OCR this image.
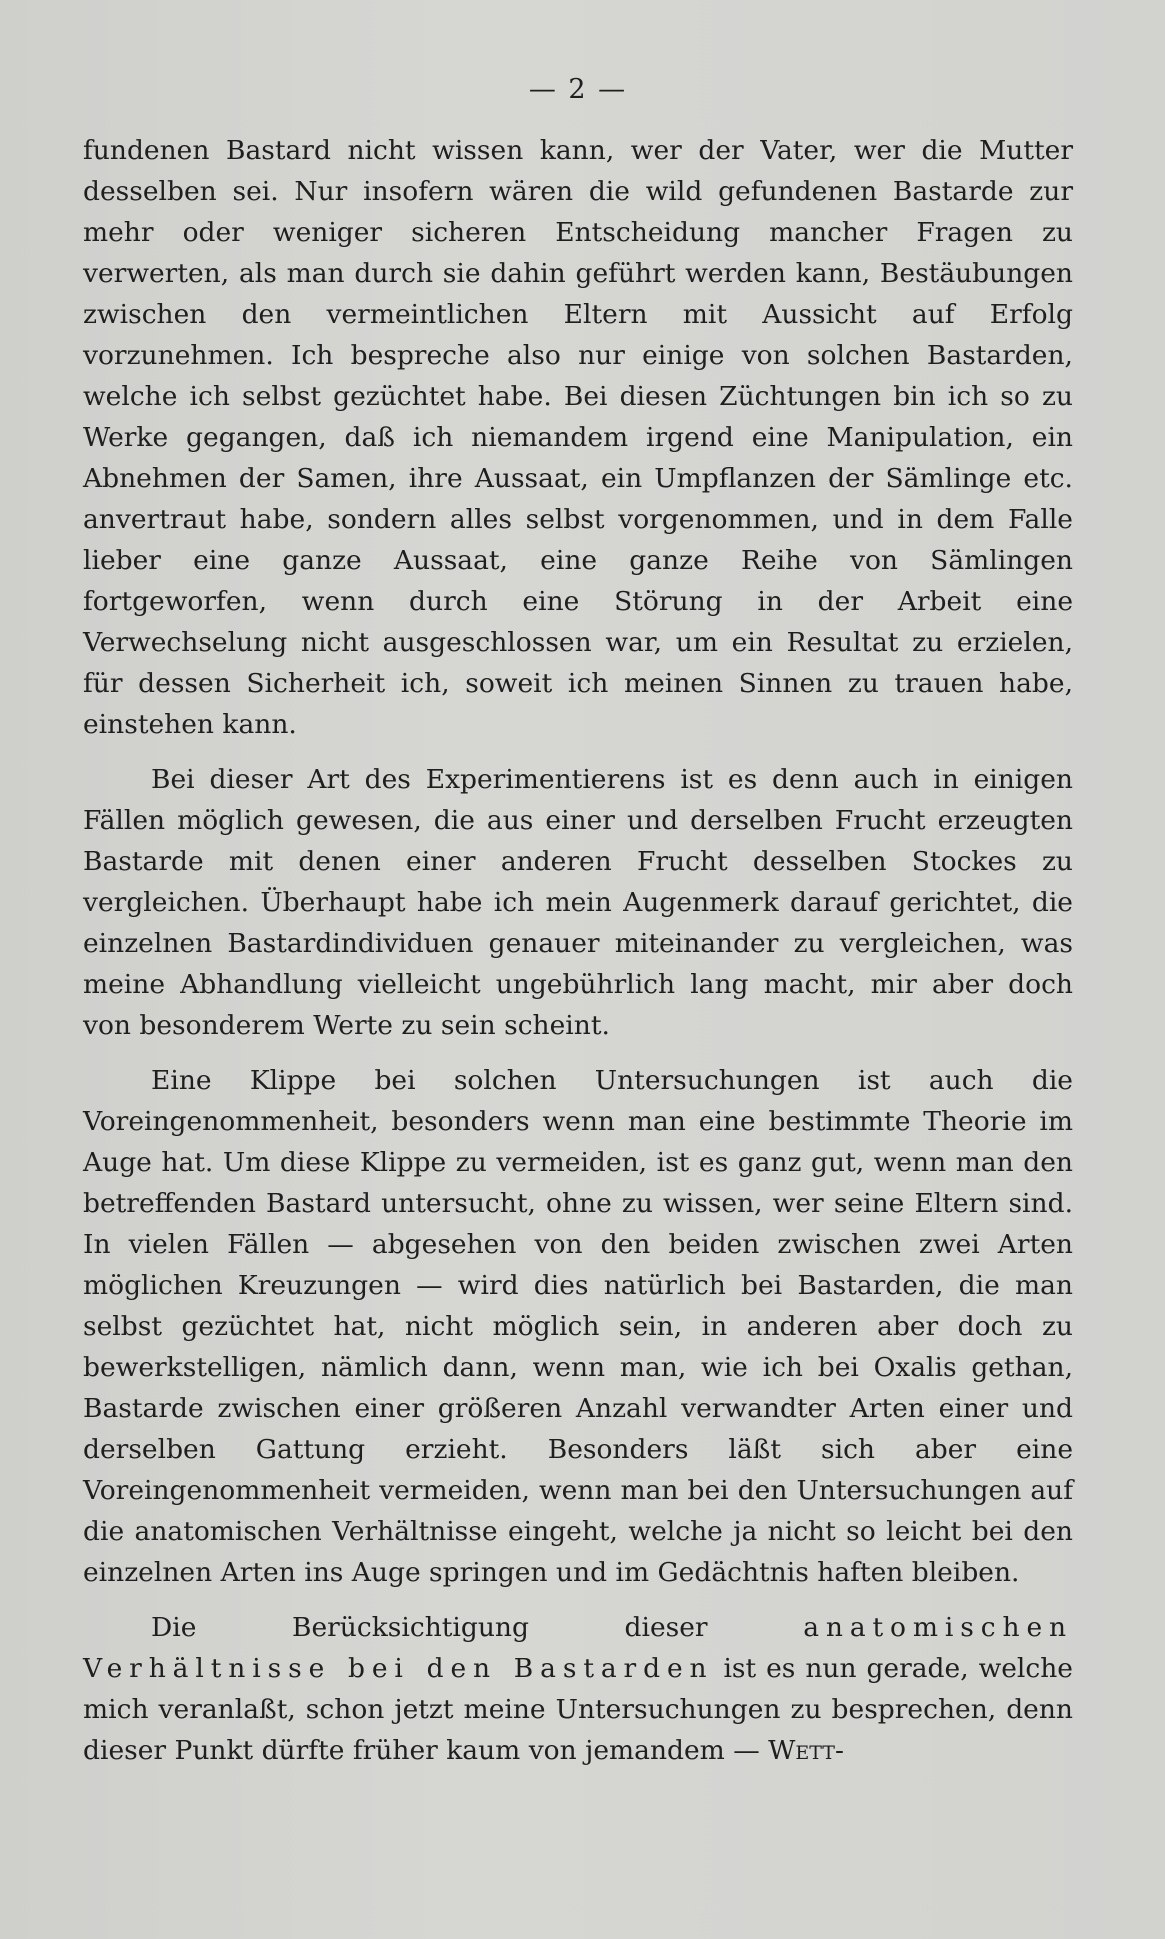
— 2 —

fundenen Bastard nicht wissen kann, wer der Vater, wer die Mutter desselben sei. Nur insofern wären die wild gefundenen Bastarde zur mehr oder weniger sicheren Entscheidung mancher Fragen zu verwerten, als man durch sie dahin geführt werden kann, Bestäubungen zwischen den vermeintlichen Eltern mit Aussicht auf Erfolg vorzunehmen. Ich bespreche also nur einige von solchen Bastarden, welche ich selbst gezüchtet habe. Bei diesen Züchtungen bin ich so zu Werke gegangen, daß ich niemandem irgend eine Manipulation, ein Abnehmen der Samen, ihre Aussaat, ein Umpflanzen der Sämlinge etc. anvertraut habe, sondern alles selbst vorgenommen, und in dem Falle lieber eine ganze Aussaat, eine ganze Reihe von Sämlingen fortgeworfen, wenn durch eine Störung in der Arbeit eine Verwechselung nicht ausgeschlossen war, um ein Resultat zu erzielen, für dessen Sicherheit ich, soweit ich meinen Sinnen zu trauen habe, einstehen kann.

Bei dieser Art des Experimentierens ist es denn auch in einigen Fällen möglich gewesen, die aus einer und derselben Frucht erzeugten Bastarde mit denen einer anderen Frucht desselben Stockes zu vergleichen. Überhaupt habe ich mein Augenmerk darauf gerichtet, die einzelnen Bastardindividuen genauer miteinander zu vergleichen, was meine Abhandlung vielleicht ungebührlich lang macht, mir aber doch von besonderem Werte zu sein scheint.

Eine Klippe bei solchen Untersuchungen ist auch die Voreingenommenheit, besonders wenn man eine bestimmte Theorie im Auge hat. Um diese Klippe zu vermeiden, ist es ganz gut, wenn man den betreffenden Bastard untersucht, ohne zu wissen, wer seine Eltern sind. In vielen Fällen — abgesehen von den beiden zwischen zwei Arten möglichen Kreuzungen — wird dies natürlich bei Bastarden, die man selbst gezüchtet hat, nicht möglich sein, in anderen aber doch zu bewerkstelligen, nämlich dann, wenn man, wie ich bei Oxalis gethan, Bastarde zwischen einer größeren Anzahl verwandter Arten einer und derselben Gattung erzieht. Besonders läßt sich aber eine Voreingenommenheit vermeiden, wenn man bei den Untersuchungen auf die anatomischen Verhältnisse eingeht, welche ja nicht so leicht bei den einzelnen Arten ins Auge springen und im Gedächtnis haften bleiben.

Die Berücksichtigung dieser anatomischen Verhältnisse bei den Bastarden ist es nun gerade, welche mich veranlaßt, schon jetzt meine Untersuchungen zu besprechen, denn dieser Punkt dürfte früher kaum von jemandem — Wett-
